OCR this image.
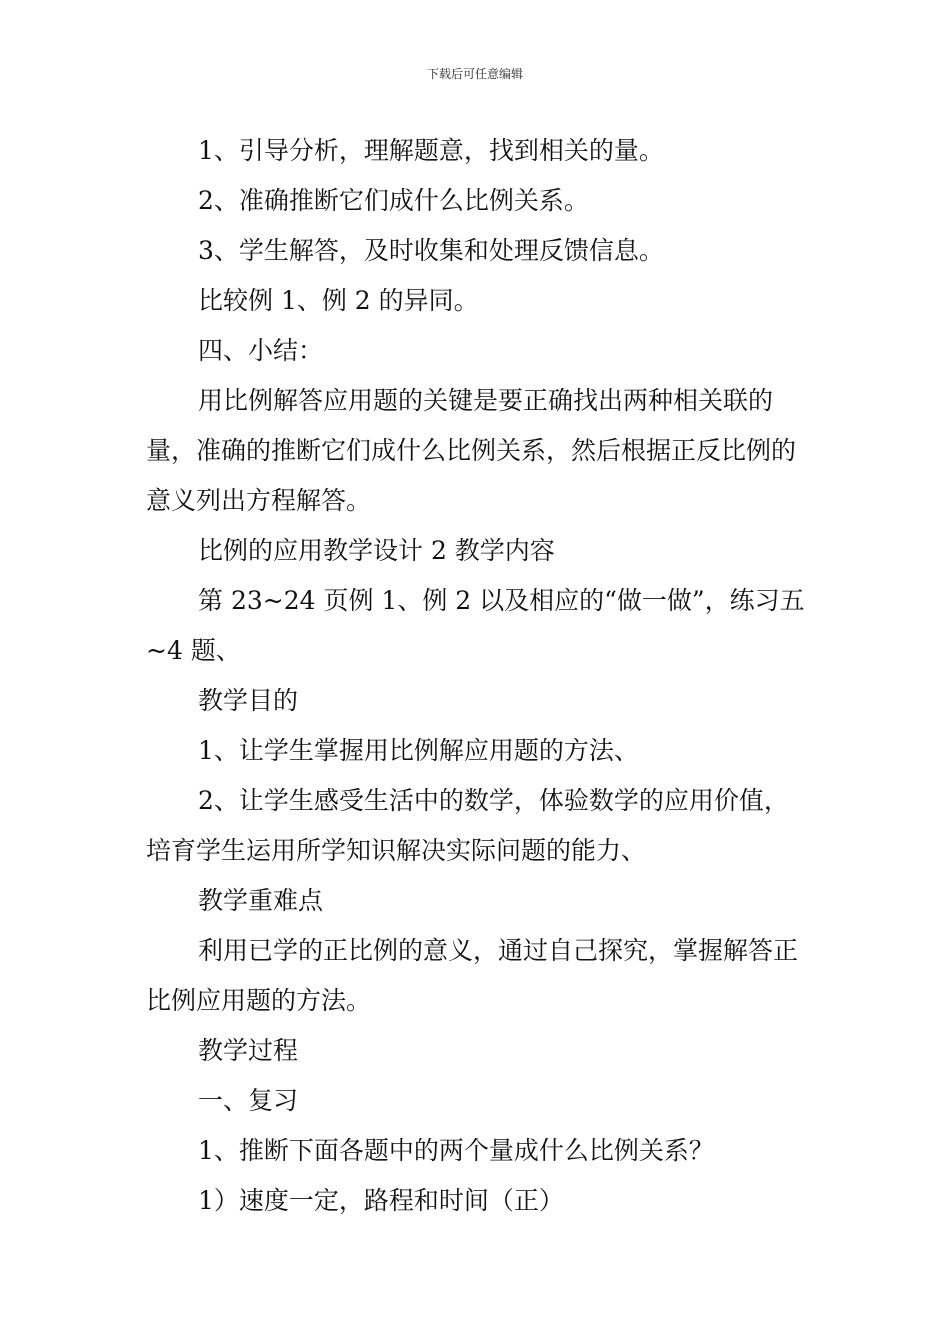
下载后可任意编辑

1、引导分析，理解题意，找到相关的量。

2、准确推断它们成什么比例关系。

3、学生解答，及时收集和处理反馈信息。

比较例 1、例 2 的异同。

四、小结：

用比例解答应用题的关键是要正确找出两种相关联的量，准确的推断它们成什么比例关系，然后根据正反比例的意义列出方程解答。

比例的应用教学设计 2 教学内容

第 23~24 页例 1、例 2 以及相应的“做一做”，练习五~4 题、

教学目的

1、让学生掌握用比例解应用题的方法、

2、让学生感受生活中的数学，体验数学的应用价值，培育学生运用所学知识解决实际问题的能力、

教学重难点

利用已学的正比例的意义，通过自己探究，掌握解答正比例应用题的方法。

教学过程

一、复习

1、推断下面各题中的两个量成什么比例关系？

1）速度一定，路程和时间（正）
